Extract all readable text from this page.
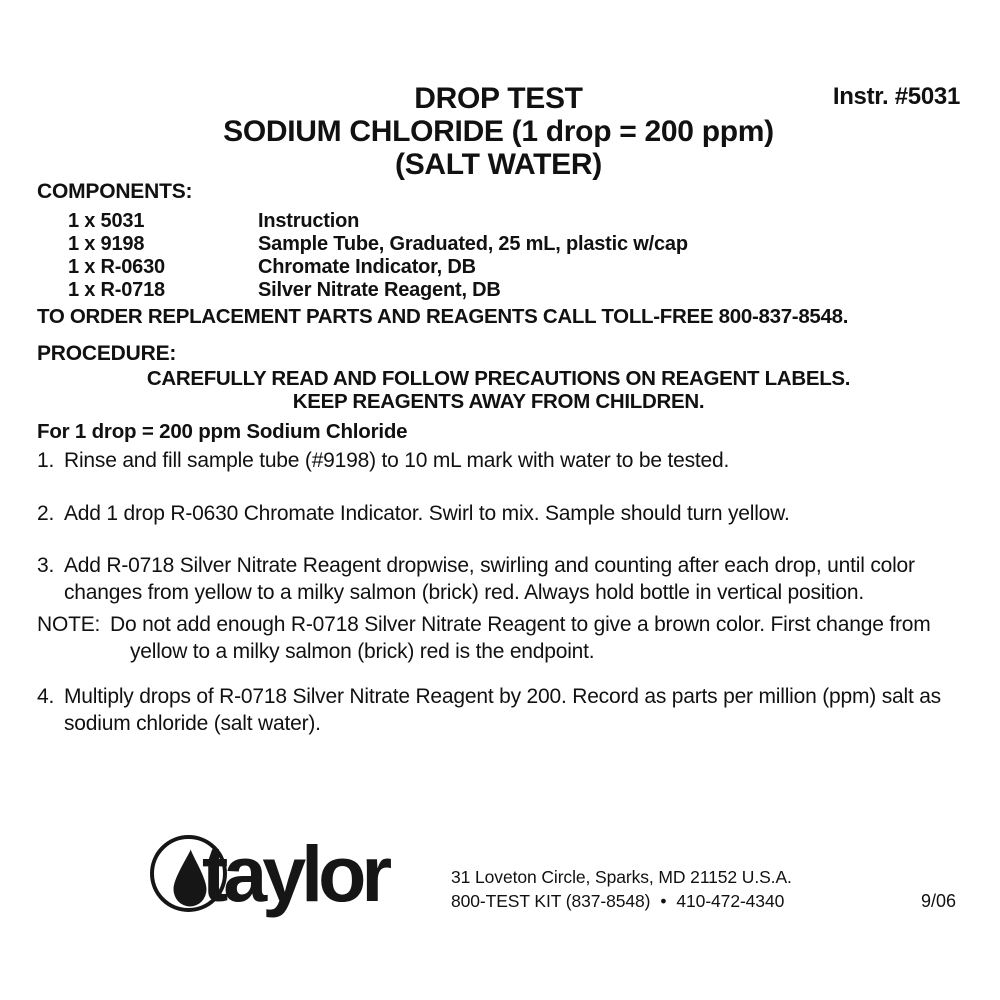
Instr. #5031
DROP TEST
SODIUM CHLORIDE (1 drop = 200 ppm)
(SALT WATER)
COMPONENTS:
1 x 5031	Instruction
1 x 9198	Sample Tube, Graduated, 25 mL, plastic w/cap
1 x R-0630	Chromate Indicator, DB
1 x R-0718	Silver Nitrate Reagent, DB
TO ORDER REPLACEMENT PARTS AND REAGENTS CALL TOLL-FREE 800-837-8548.
PROCEDURE:
CAREFULLY READ AND FOLLOW PRECAUTIONS ON REAGENT LABELS.
KEEP REAGENTS AWAY FROM CHILDREN.
For 1 drop = 200 ppm Sodium Chloride
1. Rinse and fill sample tube (#9198) to 10 mL mark with water to be tested.
2. Add 1 drop R-0630 Chromate Indicator. Swirl to mix. Sample should turn yellow.
3. Add R-0718 Silver Nitrate Reagent dropwise, swirling and counting after each drop, until color changes from yellow to a milky salmon (brick) red. Always hold bottle in vertical position.
NOTE: Do not add enough R-0718 Silver Nitrate Reagent to give a brown color. First change from yellow to a milky salmon (brick) red is the endpoint.
4. Multiply drops of R-0718 Silver Nitrate Reagent by 200. Record as parts per million (ppm) salt as sodium chloride (salt water).
taylor	31 Loveton Circle, Sparks, MD 21152 U.S.A.
800-TEST KIT (837-8548) • 410-472-4340	9/06
